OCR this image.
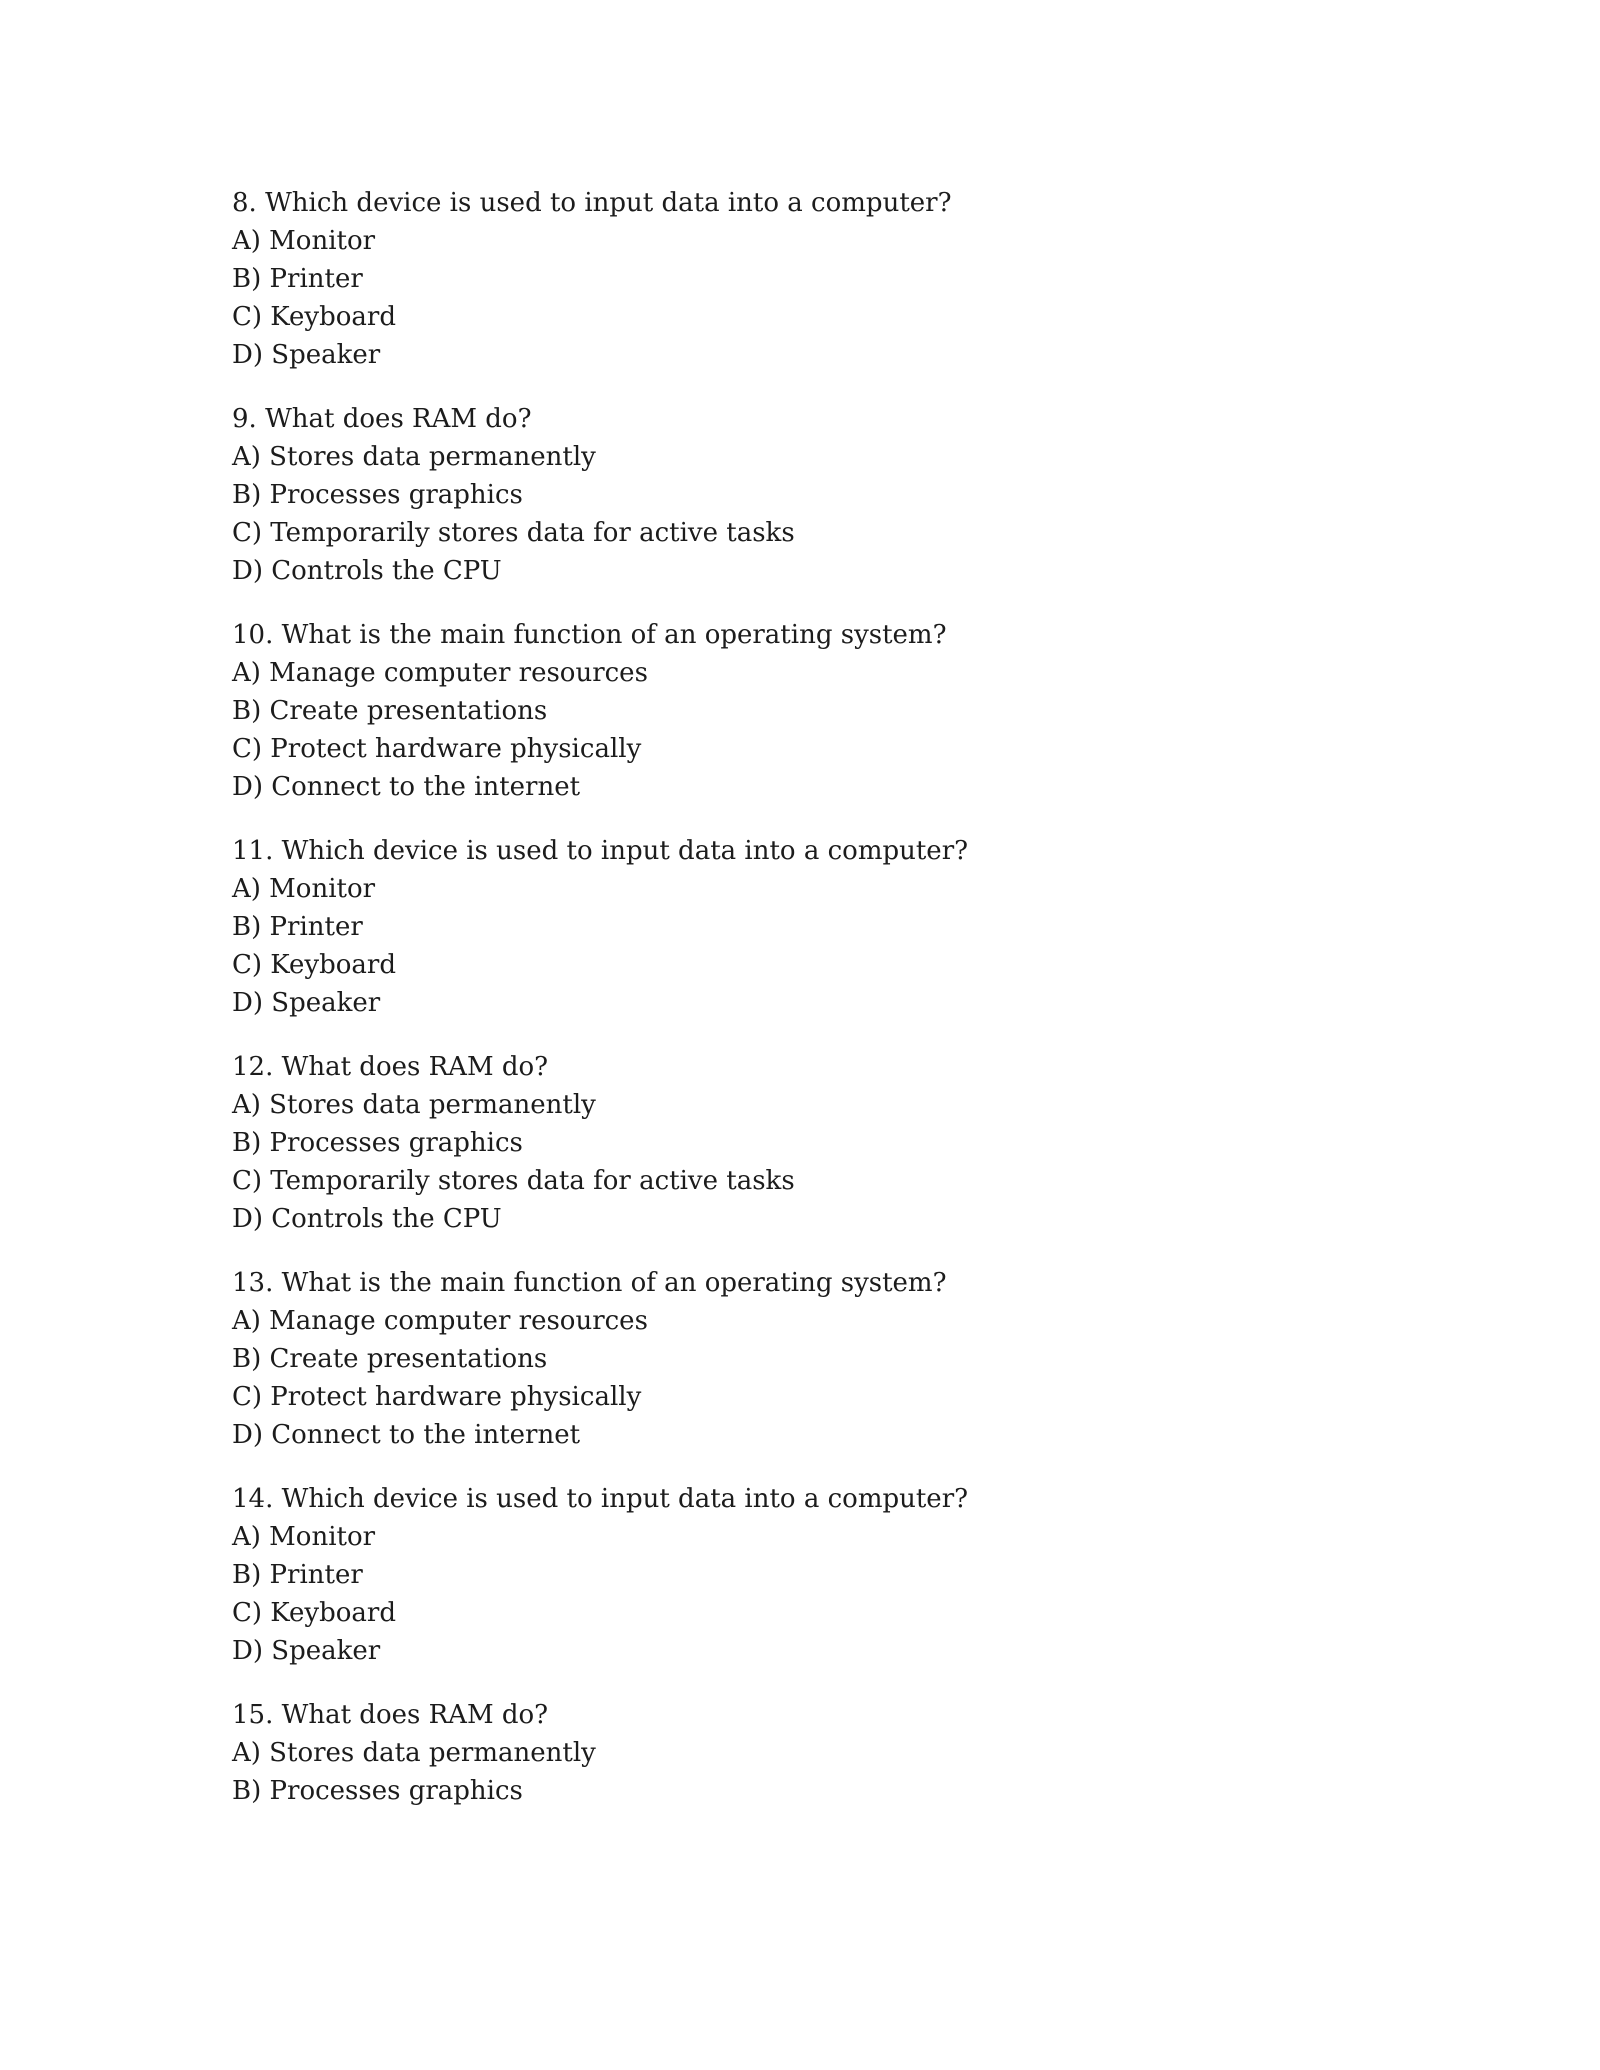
8. Which device is used to input data into a computer?
A) Monitor
B) Printer
C) Keyboard
D) Speaker
9. What does RAM do?
A) Stores data permanently
B) Processes graphics
C) Temporarily stores data for active tasks
D) Controls the CPU
10. What is the main function of an operating system?
A) Manage computer resources
B) Create presentations
C) Protect hardware physically
D) Connect to the internet
11. Which device is used to input data into a computer?
A) Monitor
B) Printer
C) Keyboard
D) Speaker
12. What does RAM do?
A) Stores data permanently
B) Processes graphics
C) Temporarily stores data for active tasks
D) Controls the CPU
13. What is the main function of an operating system?
A) Manage computer resources
B) Create presentations
C) Protect hardware physically
D) Connect to the internet
14. Which device is used to input data into a computer?
A) Monitor
B) Printer
C) Keyboard
D) Speaker
15. What does RAM do?
A) Stores data permanently
B) Processes graphics
